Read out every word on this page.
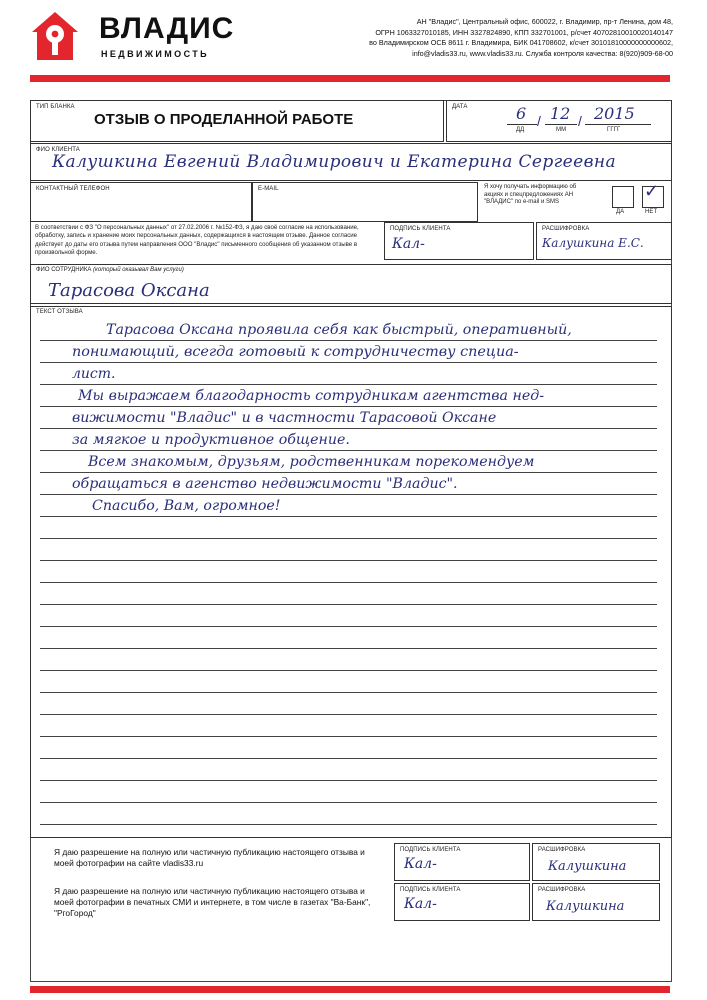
ВЛАДИС
НЕДВИЖИМОСТЬ
АН "Владис", Центральный офис, 600022, г. Владимир, пр-т Ленина, дом 48,
ОГРН 1063327010185, ИНН 3327824890, КПП 332701001, р/счет 40702810010020140147
во Владимирском ОСБ 8611 г. Владимира, БИК 041708602, к/счет 30101810000000000602,
info@vladis33.ru, www.vladis33.ru. Служба контроля качества: 8(920)909-68-00
ТИП БЛАНКА
ОТЗЫВ О ПРОДЕЛАННОЙ РАБОТЕ
ДАТА	6 / 12 / 2015
ДД	ММ	ГГГГ
ФИО КЛИЕНТА
Калушкина Евгений Владимирович и Екатерина Сергеевна
КОНТАКТНЫЙ ТЕЛЕФОН	E-MAIL	Я хочу получать информацию об акциях и спецпредложениях АН "ВЛАДИС" по e-mail и SMS
✓
ДА	НЕТ
В соответствии с ФЗ "О персональных данных" от 27.02.2006 г. №152-ФЗ, я даю своё согласие на использование, обработку, запись и хранение моих персональных данных, содержащихся в настоящем отзыве. Данное согласие действует до даты его отзыва путем направления ООО "Владис" письменного сообщения об указанном отзыве в произвольной форме.
ПОДПИСЬ КЛИЕНТА
Кал-
РАСШИФРОВКА
Калушкина Е.С.
ФИО СОТРУДНИКА (который оказывал Вам услуги)
Тарасова Оксана
ТЕКСТ ОТЗЫВА
Тарасова Оксана проявила себя как быстрый, оперативный,
понимающий, всегда готовый к сотрудничеству специа-
лист.
Мы выражаем благодарность сотрудникам агентства нед-
вижимости "Владис" и в частности Тарасовой Оксане
за мягкое и продуктивное общение.
Всем знакомым, друзьям, родственникам порекомендуем
обращаться в агенство недвижимости "Владис".
Спасибо, Вам, огромное!
Я даю разрешение на полную или частичную публикацию настоящего отзыва и моей фотографии на сайте vladis33.ru
ПОДПИСЬ КЛИЕНТА
Кал-
РАСШИФРОВКА
Калушкина
Я даю разрешение на полную или частичную публикацию настоящего отзыва и моей фотографии в печатных СМИ и интернете, в том числе в газетах "Ва-Банк", "РгоГород"
ПОДПИСЬ КЛИЕНТА
Кал-
РАСШИФРОВКА
Калушкина
